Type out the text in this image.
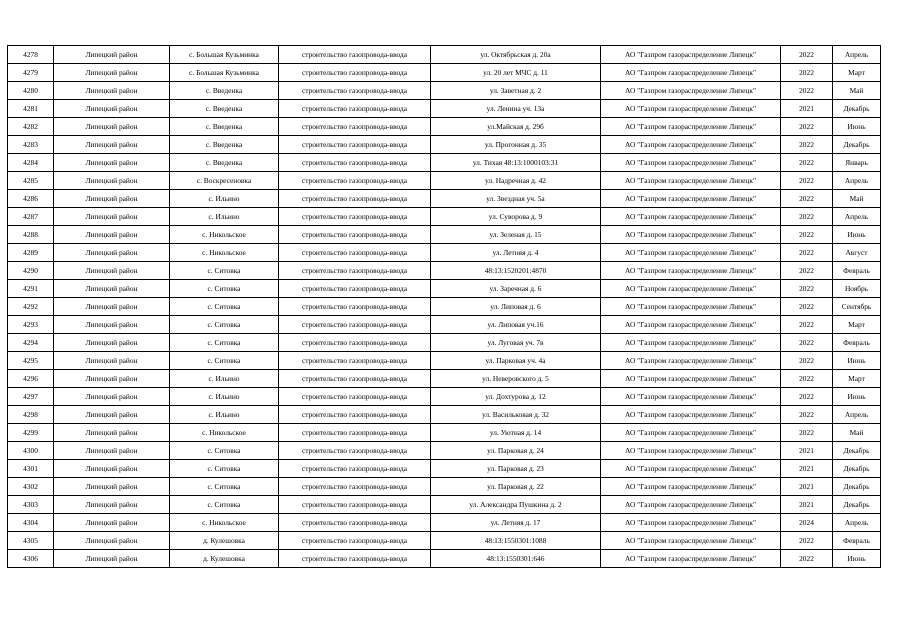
4278	Липецкий район	с. Большая Кузьминка	строительство газопровода-ввода	ул. Октябрьская д. 20а	АО "Газпром газораспределение Липецк"	2022	Апрель
4279	Липецкий район	с. Большая Кузьминка	строительство газопровода-ввода	ул. 20 лет МЧС д. 11	АО "Газпром газораспределение Липецк"	2022	Март
4280	Липецкий район	с. Введенка	строительство газопровода-ввода	ул. Заветная д. 2	АО "Газпром газораспределение Липецк"	2022	Май
4281	Липецкий район	с. Введенка	строительство газопровода-ввода	ул. Ленина уч. 13а	АО "Газпром газораспределение Липецк"	2021	Декабрь
4282	Липецкий район	с. Введенка	строительство газопровода-ввода	ул.Майская д. 29б	АО "Газпром газораспределение Липецк"	2022	Июнь
4283	Липецкий район	с. Введенка	строительство газопровода-ввода	ул. Прогонная д. 35	АО "Газпром газораспределение Липецк"	2022	Декабрь
4284	Липецкий район	с. Введенка	строительство газопровода-ввода	ул. Тихая 48:13:1000103:31	АО "Газпром газораспределение Липецк"	2022	Январь
4285	Липецкий район	с. Воскресеновка	строительство газопровода-ввода	ул. Надречная д. 42	АО "Газпром газораспределение Липецк"	2022	Апрель
4286	Липецкий район	с. Ильино	строительство газопровода-ввода	ул. Звездная уч. 5а	АО "Газпром газораспределение Липецк"	2022	Май
4287	Липецкий район	с. Ильино	строительство газопровода-ввода	ул. Суворова д. 9	АО "Газпром газораспределение Липецк"	2022	Апрель
4288	Липецкий район	с. Никольское	строительство газопровода-ввода	ул. Зеленая д. 15	АО "Газпром газораспределение Липецк"	2022	Июнь
4289	Липецкий район	с. Никольское	строительство газопровода-ввода	ул. Летняя д. 4	АО "Газпром газораспределение Липецк"	2022	Август
4290	Липецкий район	с. Ситовка	строительство газопровода-ввода	48:13:1520201:4870	АО "Газпром газораспределение Липецк"	2022	Февраль
4291	Липецкий район	с. Ситовка	строительство газопровода-ввода	ул. Заречная д. 6	АО "Газпром газораспределение Липецк"	2022	Ноябрь
4292	Липецкий район	с. Ситовка	строительство газопровода-ввода	ул. Липовая д. 6	АО "Газпром газораспределение Липецк"	2022	Сентябрь
4293	Липецкий район	с. Ситовка	строительство газопровода-ввода	ул. Липовая уч.16	АО "Газпром газораспределение Липецк"	2022	Март
4294	Липецкий район	с. Ситовка	строительство газопровода-ввода	ул. Луговая уч. 7в	АО "Газпром газораспределение Липецк"	2022	Февраль
4295	Липецкий район	с. Ситовка	строительство газопровода-ввода	ул. Парковая уч. 4а	АО "Газпром газораспределение Липецк"	2022	Июнь
4296	Липецкий район	с. Ильино	строительство газопровода-ввода	ул. Неверовского д. 5	АО "Газпром газораспределение Липецк"	2022	Март
4297	Липецкий район	с. Ильино	строительство газопровода-ввода	ул. Дохтурова д. 12	АО "Газпром газораспределение Липецк"	2022	Июнь
4298	Липецкий район	с. Ильино	строительство газопровода-ввода	ул. Васильковая д. 32	АО "Газпром газораспределение Липецк"	2022	Апрель
4299	Липецкий район	с. Никольское	строительство газопровода-ввода	ул. Уютная д. 14	АО "Газпром газораспределение Липецк"	2022	Май
4300	Липецкий район	с. Ситовка	строительство газопровода-ввода	ул. Парковая д. 24	АО "Газпром газораспределение Липецк"	2021	Декабрь
4301	Липецкий район	с. Ситовка	строительство газопровода-ввода	ул. Парковая д. 23	АО "Газпром газораспределение Липецк"	2021	Декабрь
4302	Липецкий район	с. Ситовка	строительство газопровода-ввода	ул. Парковая д. 22	АО "Газпром газораспределение Липецк"	2021	Декабрь
4303	Липецкий район	с. Ситовка	строительство газопровода-ввода	ул. Александра Пушкина д. 2	АО "Газпром газораспределение Липецк"	2021	Декабрь
4304	Липецкий район	с. Никольское	строительство газопровода-ввода	ул. Летняя д. 17	АО "Газпром газораспределение Липецк"	2024	Апрель
4305	Липецкий район	д. Кулешовка	строительство газопровода-ввода	48:13:1550301:1088	АО "Газпром газораспределение Липецк"	2022	Февраль
4306	Липецкий район	д. Кулешовка	строительство газопровода-ввода	48:13:1550301:646	АО "Газпром газораспределение Липецк"	2022	Июнь
